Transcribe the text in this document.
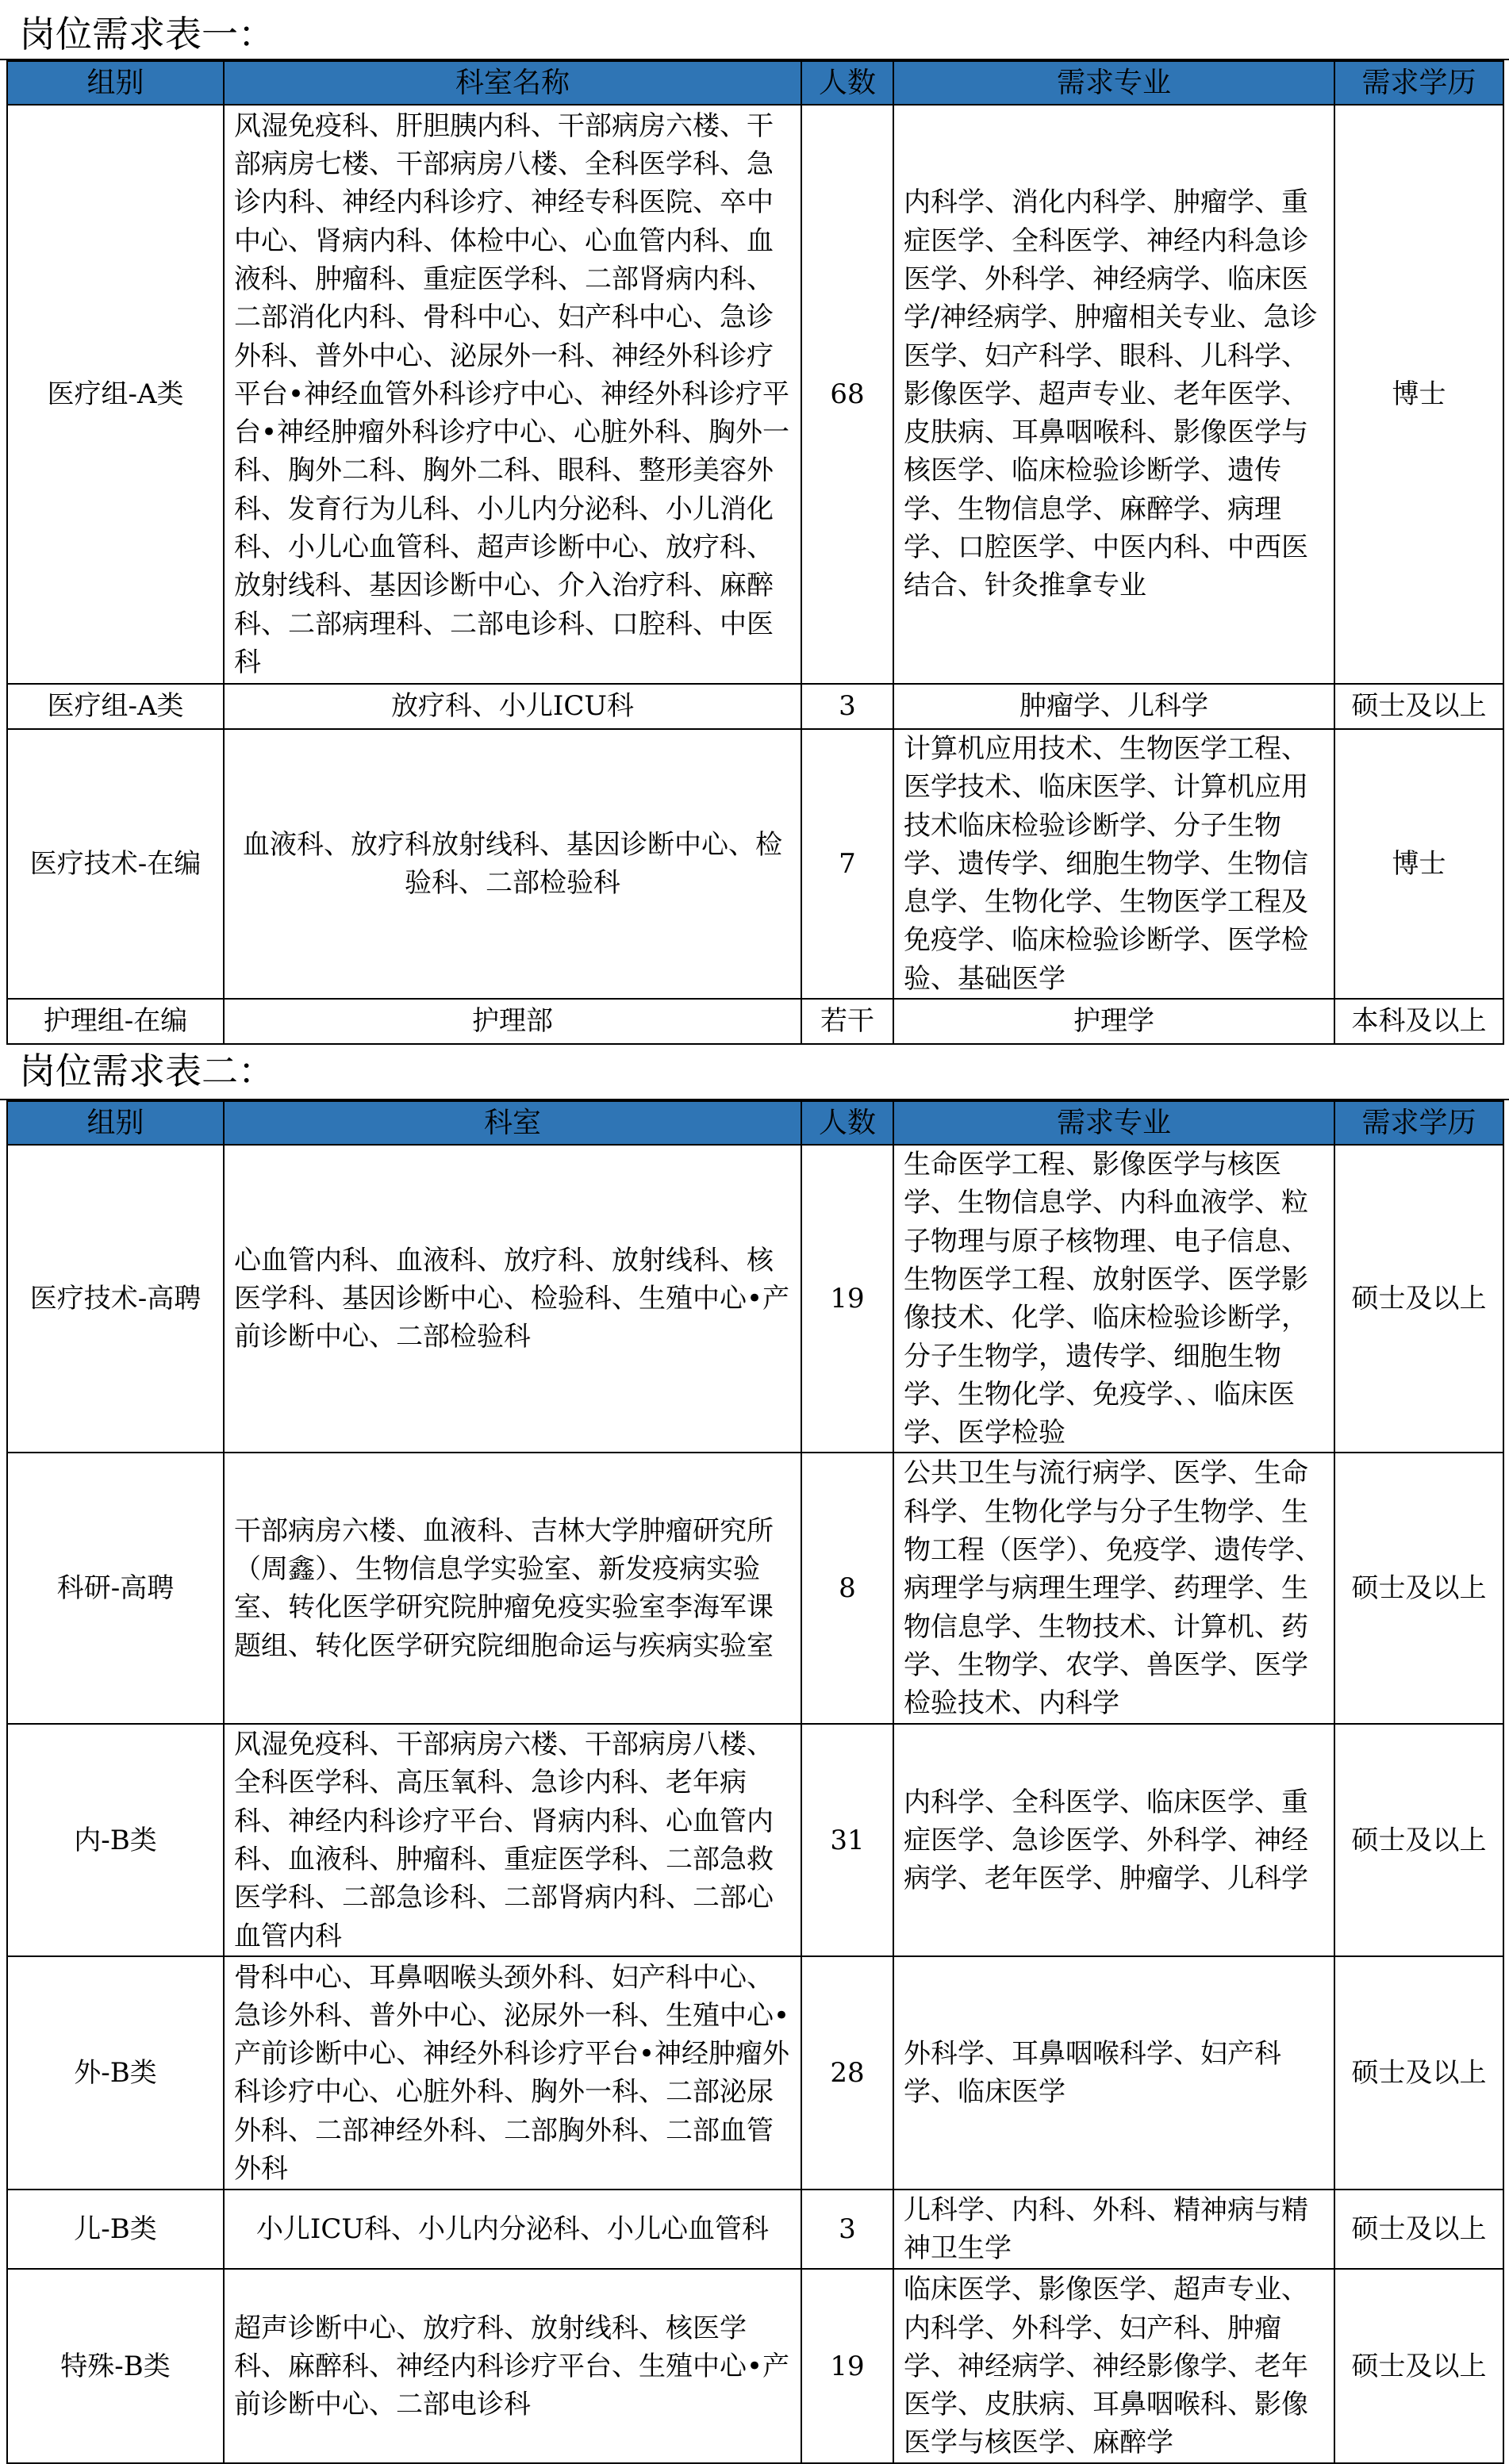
岗位需求表一：
组别	科室名称	人数	需求专业	需求学历
医疗组-A类	风湿免疫科、肝胆胰内科、干部病房六楼、干部病房七楼、干部病房八楼、全科医学科、急诊内科、神经内科诊疗、神经专科医院、卒中中心、肾病内科、体检中心、心血管内科、血液科、肿瘤科、重症医学科、二部肾病内科、二部消化内科、骨科中心、妇产科中心、急诊外科、普外中心、泌尿外一科、神经外科诊疗平台•神经血管外科诊疗中心、神经外科诊疗平台•神经肿瘤外科诊疗中心、心脏外科、胸外一科、胸外二科、胸外二科、眼科、整形美容外科、发育行为儿科、小儿内分泌科、小儿消化科、小儿心血管科、超声诊断中心、放疗科、放射线科、基因诊断中心、介入治疗科、麻醉科、二部病理科、二部电诊科、口腔科、中医科	68	内科学、消化内科学、肿瘤学、重症医学、全科医学、神经内科急诊医学、外科学、神经病学、临床医学/神经病学、肿瘤相关专业、急诊医学、妇产科学、眼科、儿科学、影像医学、超声专业、老年医学、皮肤病、耳鼻咽喉科、影像医学与核医学、临床检验诊断学、遗传学、生物信息学、麻醉学、病理学、口腔医学、中医内科、中西医结合、针灸推拿专业	博士
医疗组-A类	放疗科、小儿ICU科	3	肿瘤学、儿科学	硕士及以上
医疗技术-在编	血液科、放疗科放射线科、基因诊断中心、检验科、二部检验科	7	计算机应用技术、生物医学工程、医学技术、临床医学、计算机应用技术临床检验诊断学、分子生物学、遗传学、细胞生物学、生物信息学、生物化学、生物医学工程及免疫学、临床检验诊断学、医学检验、基础医学	博士
护理组-在编	护理部	若干	护理学	本科及以上
岗位需求表二：
组别	科室	人数	需求专业	需求学历
医疗技术-高聘	心血管内科、血液科、放疗科、放射线科、核医学科、基因诊断中心、检验科、生殖中心•产前诊断中心、二部检验科	19	生命医学工程、影像医学与核医学、生物信息学、内科血液学、粒子物理与原子核物理、电子信息、生物医学工程、放射医学、医学影像技术、化学、临床检验诊断学，分子生物学，遗传学、细胞生物学、生物化学、免疫学、、临床医学、医学检验	硕士及以上
科研-高聘	干部病房六楼、血液科、吉林大学肿瘤研究所（周鑫）、生物信息学实验室、新发疫病实验室、转化医学研究院肿瘤免疫实验室李海军课题组、转化医学研究院细胞命运与疾病实验室	8	公共卫生与流行病学、医学、生命科学、生物化学与分子生物学、生物工程（医学）、免疫学、遗传学、病理学与病理生理学、药理学、生物信息学、生物技术、计算机、药学、生物学、农学、兽医学、医学检验技术、内科学	硕士及以上
内-B类	风湿免疫科、干部病房六楼、干部病房八楼、全科医学科、高压氧科、急诊内科、老年病科、神经内科诊疗平台、肾病内科、心血管内科、血液科、肿瘤科、重症医学科、二部急救医学科、二部急诊科、二部肾病内科、二部心血管内科	31	内科学、全科医学、临床医学、重症医学、急诊医学、外科学、神经病学、老年医学、肿瘤学、儿科学	硕士及以上
外-B类	骨科中心、耳鼻咽喉头颈外科、妇产科中心、急诊外科、普外中心、泌尿外一科、生殖中心•产前诊断中心、神经外科诊疗平台•神经肿瘤外科诊疗中心、心脏外科、胸外一科、二部泌尿外科、二部神经外科、二部胸外科、二部血管外科	28	外科学、耳鼻咽喉科学、妇产科学、临床医学	硕士及以上
儿-B类	小儿ICU科、小儿内分泌科、小儿心血管科	3	儿科学、内科、外科、精神病与精神卫生学	硕士及以上
特殊-B类	超声诊断中心、放疗科、放射线科、核医学科、麻醉科、神经内科诊疗平台、生殖中心•产前诊断中心、二部电诊科	19	临床医学、影像医学、超声专业、内科学、外科学、妇产科、肿瘤学、神经病学、神经影像学、老年医学、皮肤病、耳鼻咽喉科、影像医学与核医学、麻醉学	硕士及以上
